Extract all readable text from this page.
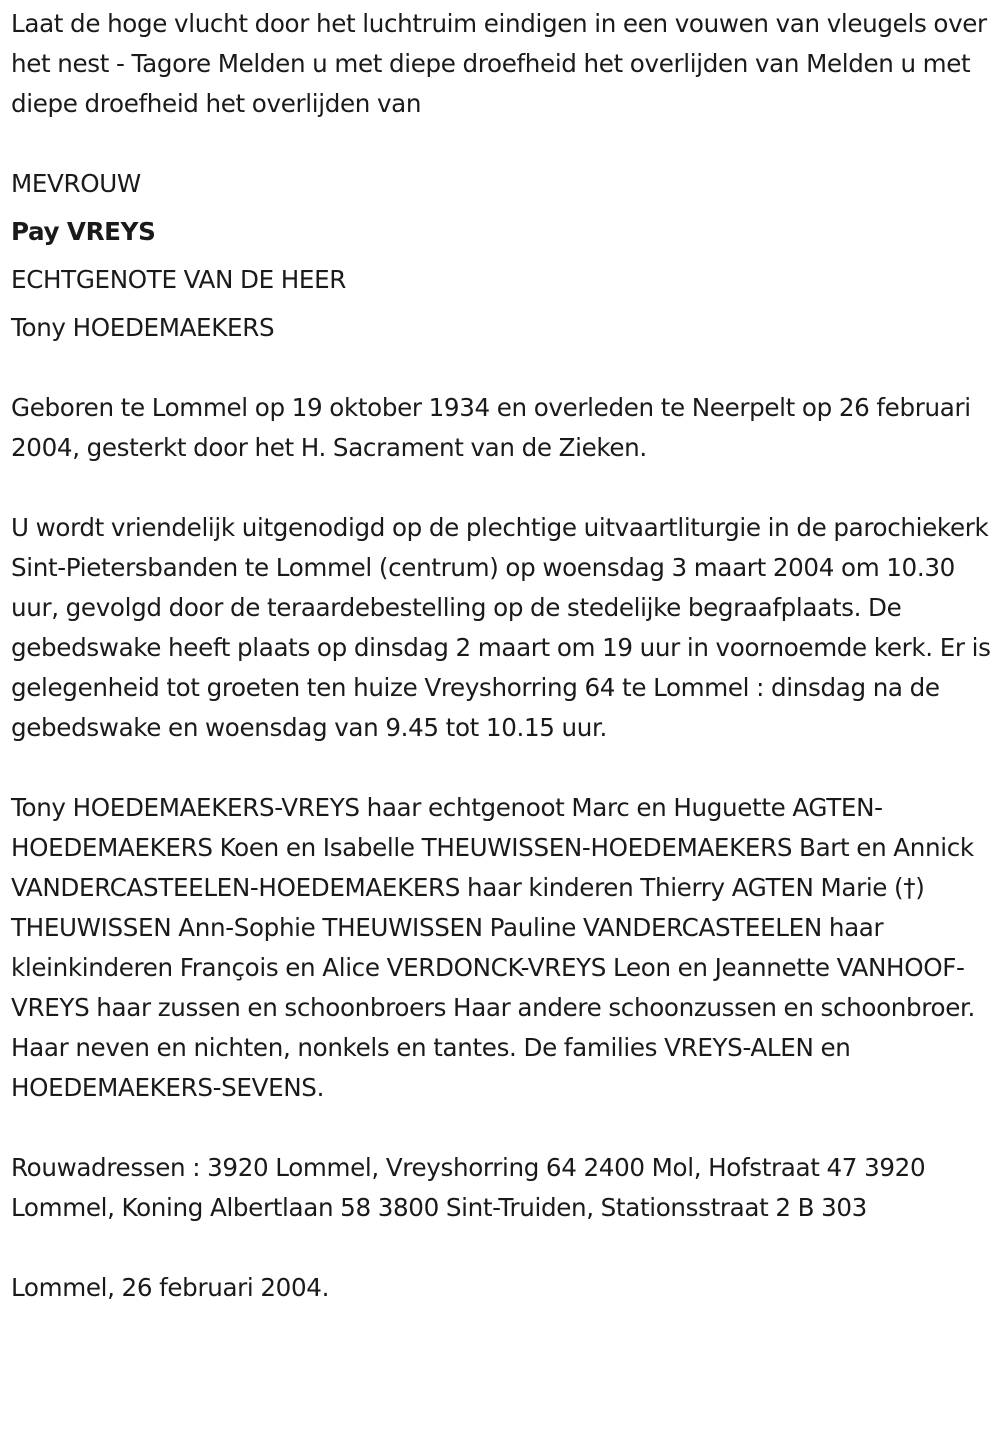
Laat de hoge vlucht door het luchtruim eindigen in een vouwen van vleugels over het nest - Tagore Melden u met diepe droefheid het overlijden van Melden u met diepe droefheid het overlijden van

MEVROUW

Pay VREYS

ECHTGENOTE VAN DE HEER

Tony HOEDEMAEKERS

Geboren te Lommel op 19 oktober 1934 en overleden te Neerpelt op 26 februari 2004, gesterkt door het H. Sacrament van de Zieken.

U wordt vriendelijk uitgenodigd op de plechtige uitvaartliturgie in de parochiekerk Sint-Pietersbanden te Lommel (centrum) op woensdag 3 maart 2004 om 10.30 uur, gevolgd door de teraardebestelling op de stedelijke begraafplaats. De gebedswake heeft plaats op dinsdag 2 maart om 19 uur in voornoemde kerk. Er is gelegenheid tot groeten ten huize Vreyshorring 64 te Lommel : dinsdag na de gebedswake en woensdag van 9.45 tot 10.15 uur.

Tony HOEDEMAEKERS-VREYS haar echtgenoot Marc en Huguette AGTEN-HOEDEMAEKERS Koen en Isabelle THEUWISSEN-HOEDEMAEKERS Bart en Annick VANDERCASTEELEN-HOEDEMAEKERS haar kinderen Thierry AGTEN Marie (†) THEUWISSEN Ann-Sophie THEUWISSEN Pauline VANDERCASTEELEN haar kleinkinderen François en Alice VERDONCK-VREYS Leon en Jeannette VANHOOF-VREYS haar zussen en schoonbroers Haar andere schoonzussen en schoonbroer. Haar neven en nichten, nonkels en tantes. De families VREYS-ALEN en HOEDEMAEKERS-SEVENS.

Rouwadressen : 3920 Lommel, Vreyshorring 64 2400 Mol, Hofstraat 47 3920 Lommel, Koning Albertlaan 58 3800 Sint-Truiden, Stationsstraat 2 B 303

Lommel, 26 februari 2004.
